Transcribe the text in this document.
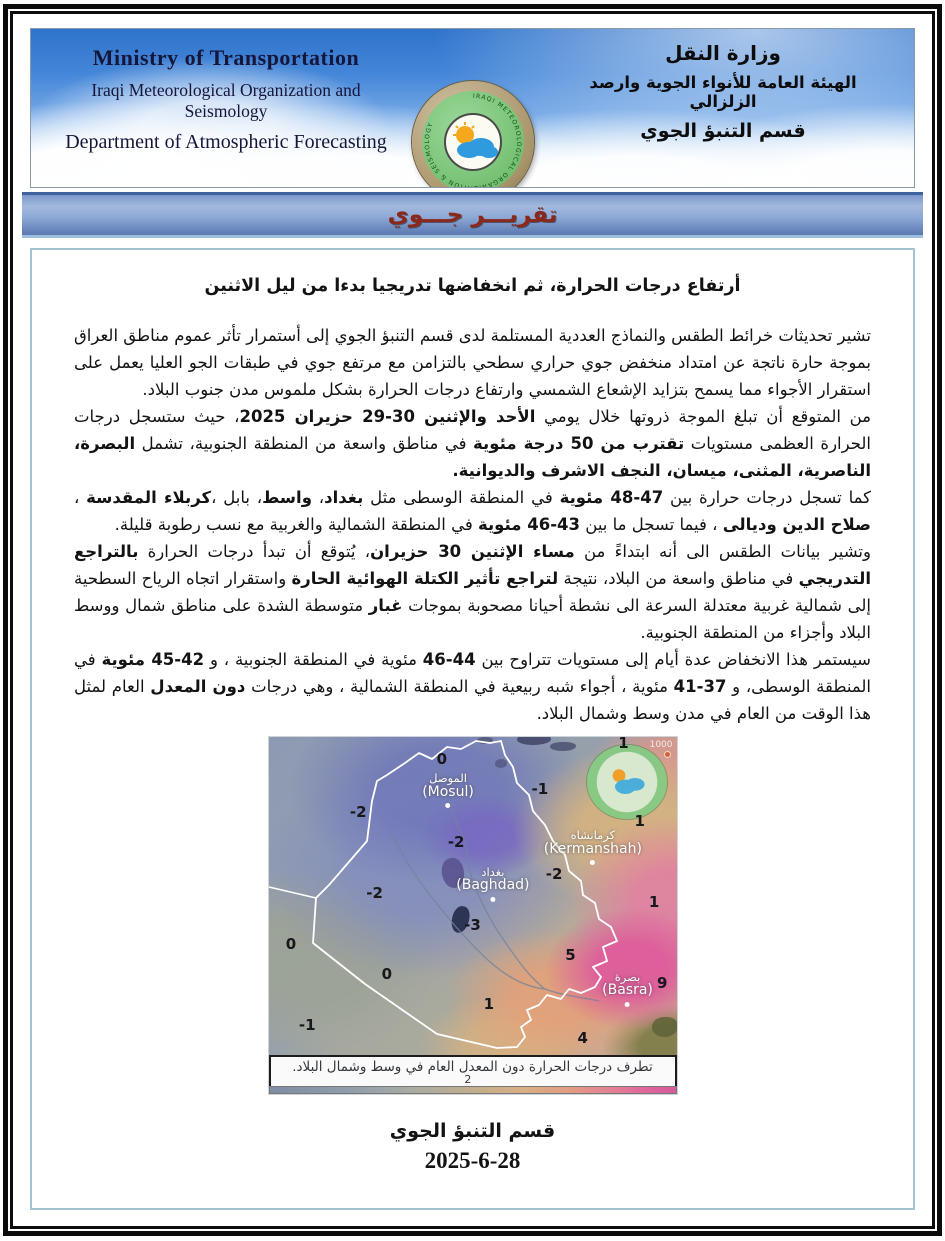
Ministry of Transportation
Iraqi Meteorological Organization and Seismology
Department of Atmospheric Forecasting
IRAQI METEOROLOGICAL ORGANIZATION & SEISMOLOGY
وزارة النقل
الهيئة العامة للأنواء الجوية وارصد الزلزالي
قسم التنبؤ الجوي
تقريـــر جـــوي
أرتفاع درجات الحرارة، ثم انخفاضها تدريجيا بدءا من ليل الاثنين

تشير تحديثات خرائط الطقس والنماذج العددية المستلمة لدى قسم التنبؤ الجوي إلى أستمرار تأثر عموم مناطق العراق بموجة حارة ناتجة عن امتداد منخفض جوي حراري سطحي بالتزامن مع مرتفع جوي في طبقات الجو العليا يعمل على استقرار الأجواء مما يسمح بتزايد الإشعاع الشمسي وارتفاع درجات الحرارة بشكل ملموس مدن جنوب البلاد.

من المتوقع أن تبلغ الموجة ذروتها خلال يومي الأحد والإثنين 30-29 حزيران 2025، حيث ستسجل درجات الحرارة العظمى مستويات تقترب من 50 درجة مئوية في مناطق واسعة من المنطقة الجنوبية، تشمل البصرة، الناصرية، المثنى، ميسان، النجف الاشرف والديوانية.

كما تسجل درجات حرارة بين 47-48 مئوية في المنطقة الوسطى مثل بغداد، واسط، بابل ،كربلاء المقدسة ، صلاح الدين وديالى ، فيما تسجل ما بين 43-46 مئوية في المنطقة الشمالية والغربية مع نسب رطوبة قليلة.

وتشير بيانات الطقس الى أنه ابتداءً من مساء الإثنين 30 حزيران، يُتوقع أن تبدأ درجات الحرارة بالتراجع التدريجي في مناطق واسعة من البلاد، نتيجة لتراجع تأثير الكتلة الهوائية الحارة واستقرار اتجاه الرياح السطحية إلى شمالية غربية معتدلة السرعة الى نشطة أحيانا مصحوبة بموجات غبار متوسطة الشدة على مناطق شمال ووسط البلاد وأجزاء من المنطقة الجنوبية.

سيستمر هذا الانخفاض عدة أيام إلى مستويات تتراوح بين 44-46 مئوية في المنطقة الجنوبية ، و 42-45 مئوية في المنطقة الوسطى، و 37-41 مئوية ، أجواء شبه ربيعية في المنطقة الشمالية ، وهي درجات دون المعدل العام لمثل هذا الوقت من العام في مدن وسط وشمال البلاد.

1000
1
0
-1
-2
1
-2
-2
-2
1
-3
0
5
0
9
1
-1
4
الموصل
(Mosul)
كرمانشاه
(Kermanshah)
بغداد
(Baghdad)
بصرة
(Basra)
تطرف درجات الحرارة دون المعدل العام في وسط وشمال البلاد.
2
قسم التنبؤ الجوي
2025-6-28
